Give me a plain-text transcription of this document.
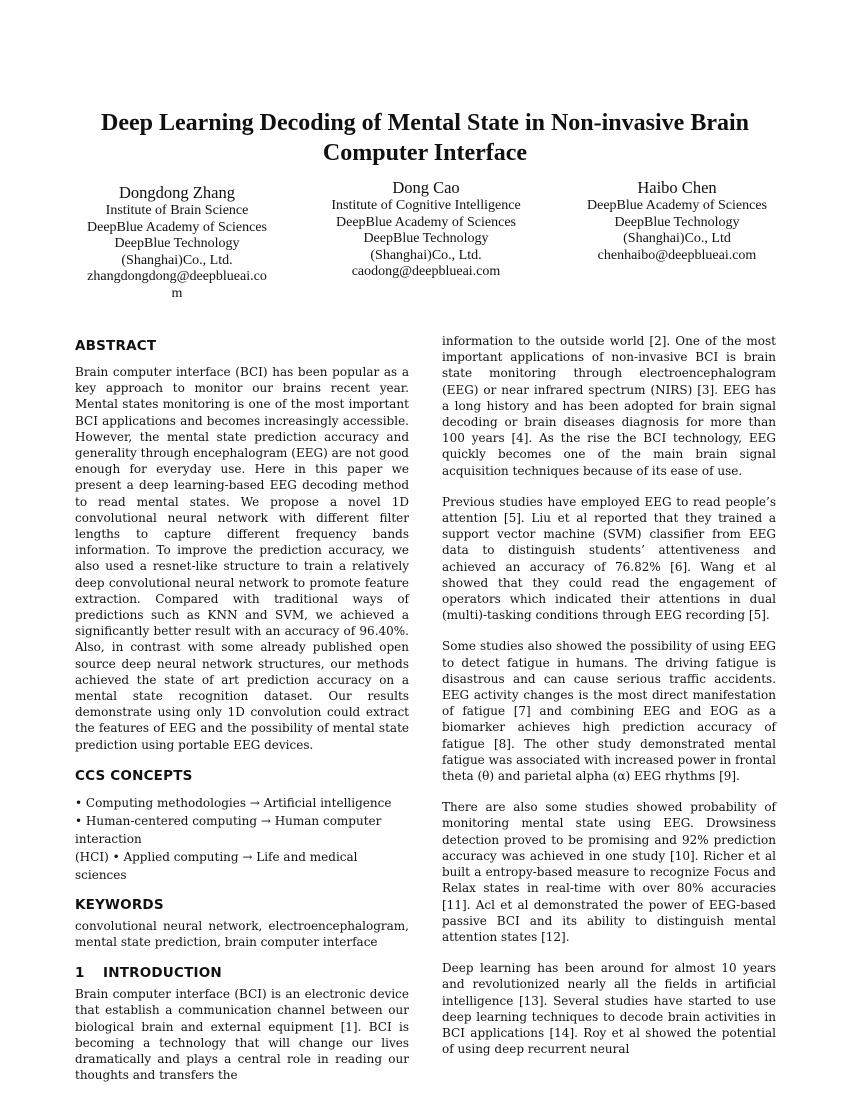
Deep Learning Decoding of Mental State in Non-invasive Brain Computer Interface
Dongdong Zhang
Institute of Brain Science
DeepBlue Academy of Sciences
DeepBlue Technology
(Shanghai)Co., Ltd.
zhangdongdong@deepblueai.co
m
Dong Cao
Institute of Cognitive Intelligence
DeepBlue Academy of Sciences
DeepBlue Technology
(Shanghai)Co., Ltd.
caodong@deepblueai.com
Haibo Chen
DeepBlue Academy of Sciences
DeepBlue Technology
(Shanghai)Co., Ltd
chenhaibo@deepblueai.com
ABSTRACT

Brain computer interface (BCI) has been popular as a key approach to monitor our brains recent year. Mental states monitoring is one of the most important BCI applications and becomes increasingly accessible. However, the mental state prediction accuracy and generality through encephalogram (EEG) are not good enough for everyday use. Here in this paper we present a deep learning-based EEG decoding method to read mental states. We propose a novel 1D convolutional neural network with different filter lengths to capture different frequency bands information. To improve the prediction accuracy, we also used a resnet-like structure to train a relatively deep convolutional neural network to promote feature extraction. Compared with traditional ways of predictions such as KNN and SVM, we achieved a significantly better result with an accuracy of 96.40%. Also, in contrast with some already published open source deep neural network structures, our methods achieved the state of art prediction accuracy on a mental state recognition dataset. Our results demonstrate using only 1D convolution could extract the features of EEG and the possibility of mental state prediction using portable EEG devices.

CCS CONCEPTS
• Computing methodologies → Artificial intelligence
• Human-centered computing → Human computer interaction
(HCI) • Applied computing → Life and medical sciences
KEYWORDS

convolutional neural network, electroencephalogram, mental state prediction, brain computer interface

1 INTRODUCTION

Brain computer interface (BCI) is an electronic device that establish a communication channel between our biological brain and external equipment [1]. BCI is becoming a technology that will change our lives dramatically and plays a central role in reading our thoughts and transfers the

information to the outside world [2]. One of the most important applications of non-invasive BCI is brain state monitoring through electroencephalogram (EEG) or near infrared spectrum (NIRS) [3]. EEG has a long history and has been adopted for brain signal decoding or brain diseases diagnosis for more than 100 years [4]. As the rise the BCI technology, EEG quickly becomes one of the main brain signal acquisition techniques because of its ease of use.

Previous studies have employed EEG to read people’s attention [5]. Liu et al reported that they trained a support vector machine (SVM) classifier from EEG data to distinguish students’ attentiveness and achieved an accuracy of 76.82% [6]. Wang et al showed that they could read the engagement of operators which indicated their attentions in dual (multi)-tasking conditions through EEG recording [5].

Some studies also showed the possibility of using EEG to detect fatigue in humans. The driving fatigue is disastrous and can cause serious traffic accidents. EEG activity changes is the most direct manifestation of fatigue [7] and combining EEG and EOG as a biomarker achieves high prediction accuracy of fatigue [8]. The other study demonstrated mental fatigue was associated with increased power in frontal theta (θ) and parietal alpha (α) EEG rhythms [9].

There are also some studies showed probability of monitoring mental state using EEG. Drowsiness detection proved to be promising and 92% prediction accuracy was achieved in one study [10]. Richer et al built a entropy-based measure to recognize Focus and Relax states in real-time with over 80% accuracies [11]. Acl et al demonstrated the power of EEG-based passive BCI and its ability to distinguish mental attention states [12].

Deep learning has been around for almost 10 years and revolutionized nearly all the fields in artificial intelligence [13]. Several studies have started to use deep learning techniques to decode brain activities in BCI applications [14]. Roy et al showed the potential of using deep recurrent neural
